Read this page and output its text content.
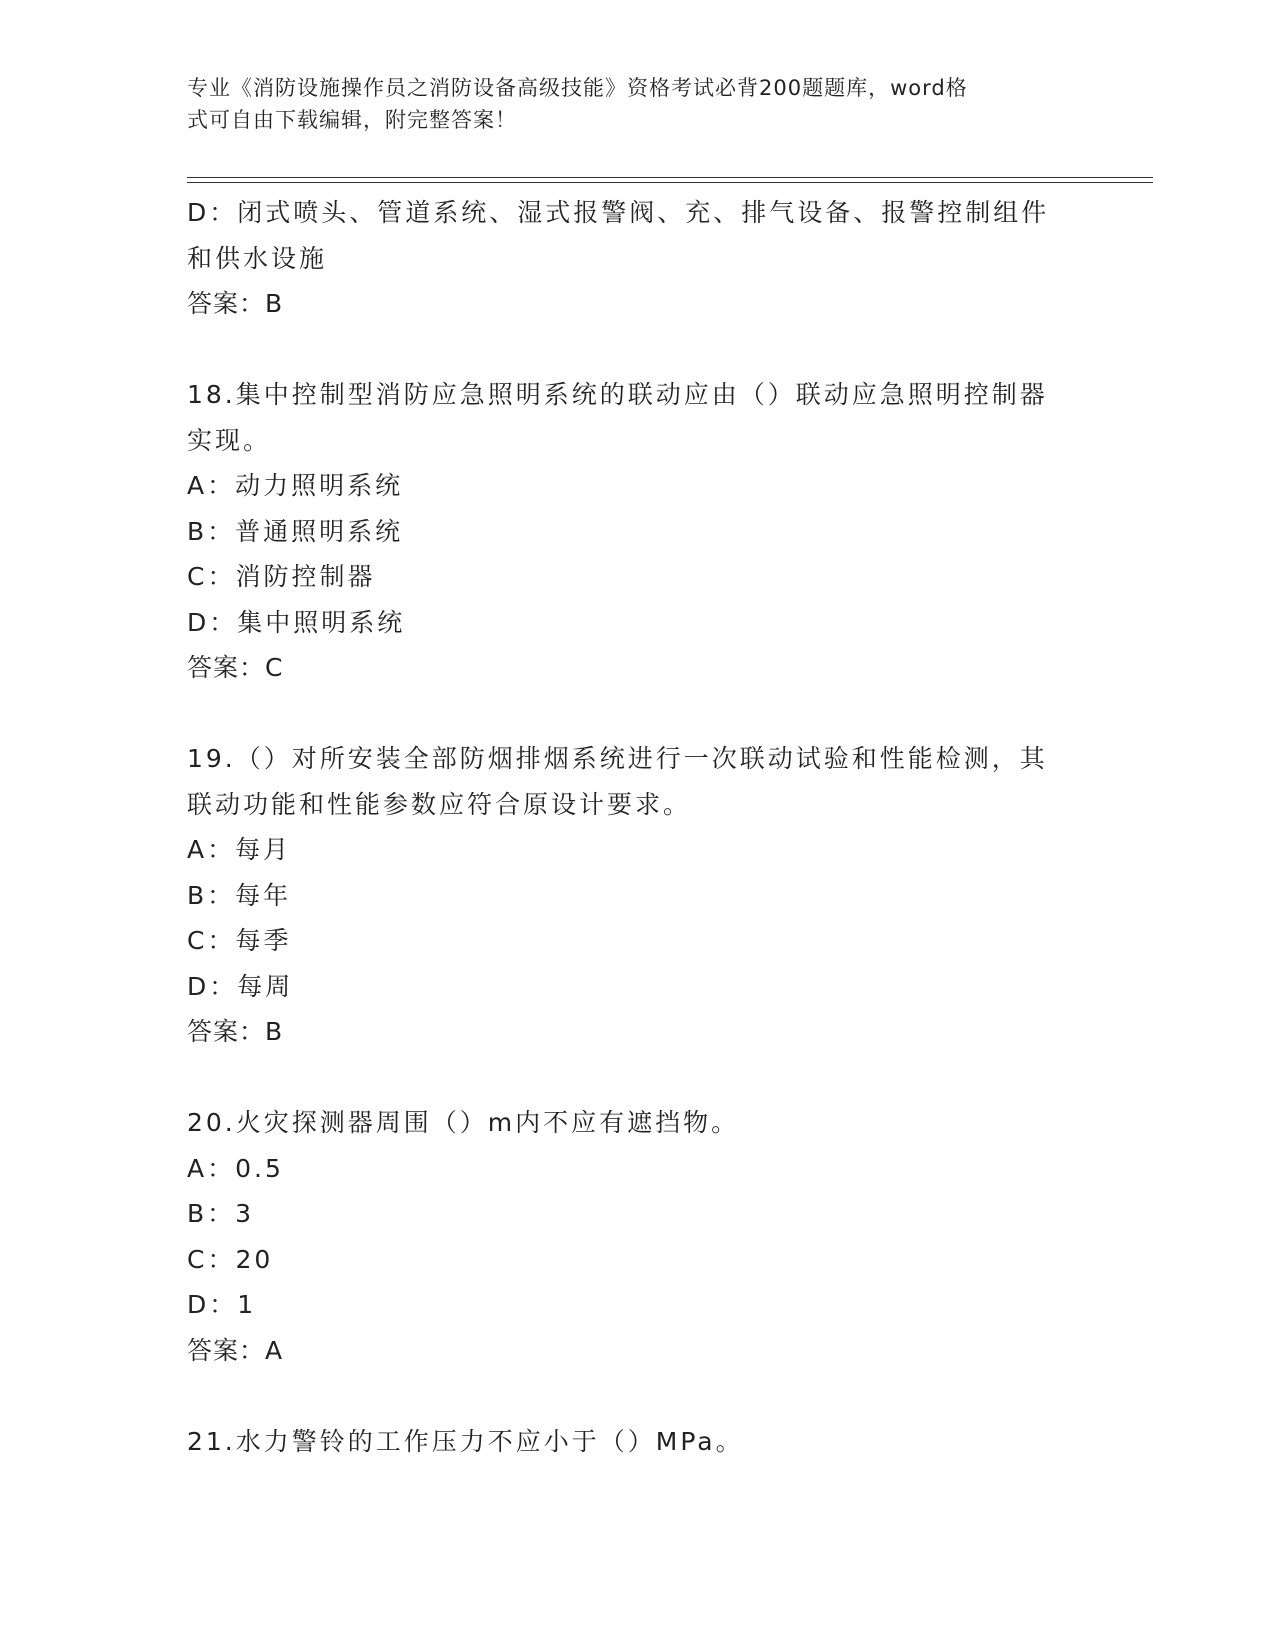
专业《消防设施操作员之消防设备高级技能》资格考试必背200题题库，word格
式可自由下载编辑，附完整答案！
D：闭式喷头、管道系统、湿式报警阀、充、排气设备、报警控制组件
和供水设施
答案：B
18.集中控制型消防应急照明系统的联动应由（）联动应急照明控制器
实现。
A：动力照明系统
B：普通照明系统
C：消防控制器
D：集中照明系统
答案：C
19.（）对所安装全部防烟排烟系统进行一次联动试验和性能检测，其
联动功能和性能参数应符合原设计要求。
A：每月
B：每年
C：每季
D：每周
答案：B
20.火灾探测器周围（）m内不应有遮挡物。
A：0.5
B：3
C：20
D：1
答案：A
21.水力警铃的工作压力不应小于（）MPa。
